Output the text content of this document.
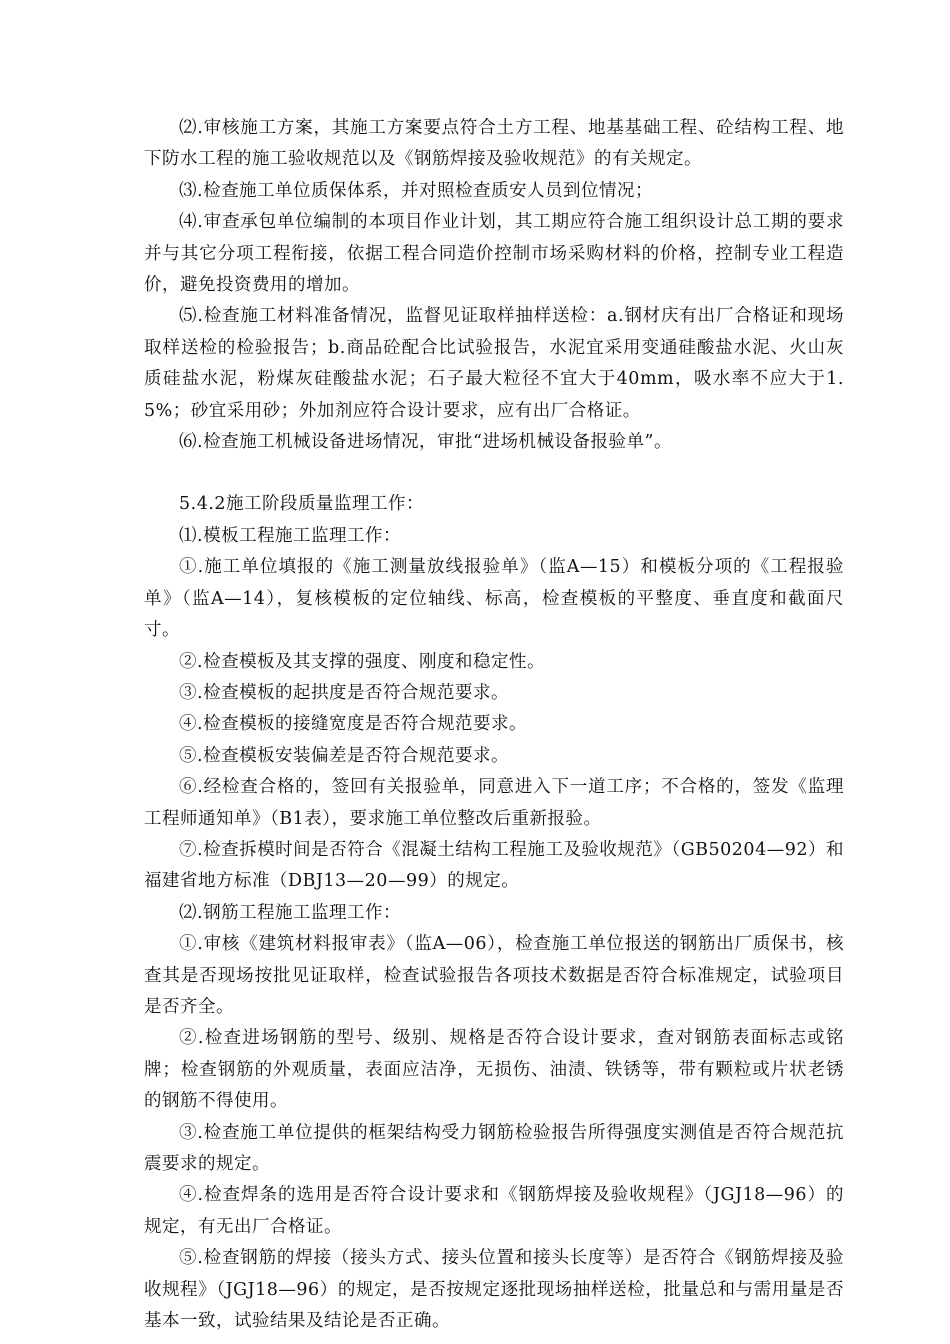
⑵.审核施工方案，其施工方案要点符合土方工程、地基基础工程、砼结构工程、地下防水工程的施工验收规范以及《钢筋焊接及验收规范》的有关规定。

⑶.检查施工单位质保体系，并对照检查质安人员到位情况；

⑷.审查承包单位编制的本项目作业计划，其工期应符合施工组织设计总工期的要求并与其它分项工程衔接，依据工程合同造价控制市场采购材料的价格，控制专业工程造价，避免投资费用的增加。

⑸.检查施工材料准备情况，监督见证取样抽样送检：a.钢材庆有出厂合格证和现场取样送检的检验报告；b.商品砼配合比试验报告，水泥宜采用变通硅酸盐水泥、火山灰质硅盐水泥，粉煤灰硅酸盐水泥；石子最大粒径不宜大于40mm，吸水率不应大于1.5%；砂宜采用砂；外加剂应符合设计要求，应有出厂合格证。

⑹.检查施工机械设备进场情况，审批“进场机械设备报验单”。

5.4.2施工阶段质量监理工作：

⑴.模板工程施工监理工作：

①.施工单位填报的《施工测量放线报验单》（监A—15）和模板分项的《工程报验单》（监A—14），复核模板的定位轴线、标高，检查模板的平整度、垂直度和截面尺寸。

②.检查模板及其支撑的强度、刚度和稳定性。

③.检查模板的起拱度是否符合规范要求。

④.检查模板的接缝宽度是否符合规范要求。

⑤.检查模板安装偏差是否符合规范要求。

⑥.经检查合格的，签回有关报验单，同意进入下一道工序；不合格的，签发《监理工程师通知单》（B1表），要求施工单位整改后重新报验。

⑦.检查拆模时间是否符合《混凝土结构工程施工及验收规范》（GB50204—92）和福建省地方标准（DBJ13—20—99）的规定。

⑵.钢筋工程施工监理工作：

①.审核《建筑材料报审表》（监A—06），检查施工单位报送的钢筋出厂质保书，核查其是否现场按批见证取样，检查试验报告各项技术数据是否符合标准规定，试验项目是否齐全。

②.检查进场钢筋的型号、级别、规格是否符合设计要求，查对钢筋表面标志或铭牌；检查钢筋的外观质量，表面应洁净，无损伤、油渍、铁锈等，带有颗粒或片状老锈的钢筋不得使用。

③.检查施工单位提供的框架结构受力钢筋检验报告所得强度实测值是否符合规范抗震要求的规定。

④.检查焊条的选用是否符合设计要求和《钢筋焊接及验收规程》（JGJ18—96）的规定，有无出厂合格证。

⑤.检查钢筋的焊接（接头方式、接头位置和接头长度等）是否符合《钢筋焊接及验收规程》（JGJ18—96）的规定，是否按规定逐批现场抽样送检，批量总和与需用量是否基本一致，试验结果及结论是否正确。
